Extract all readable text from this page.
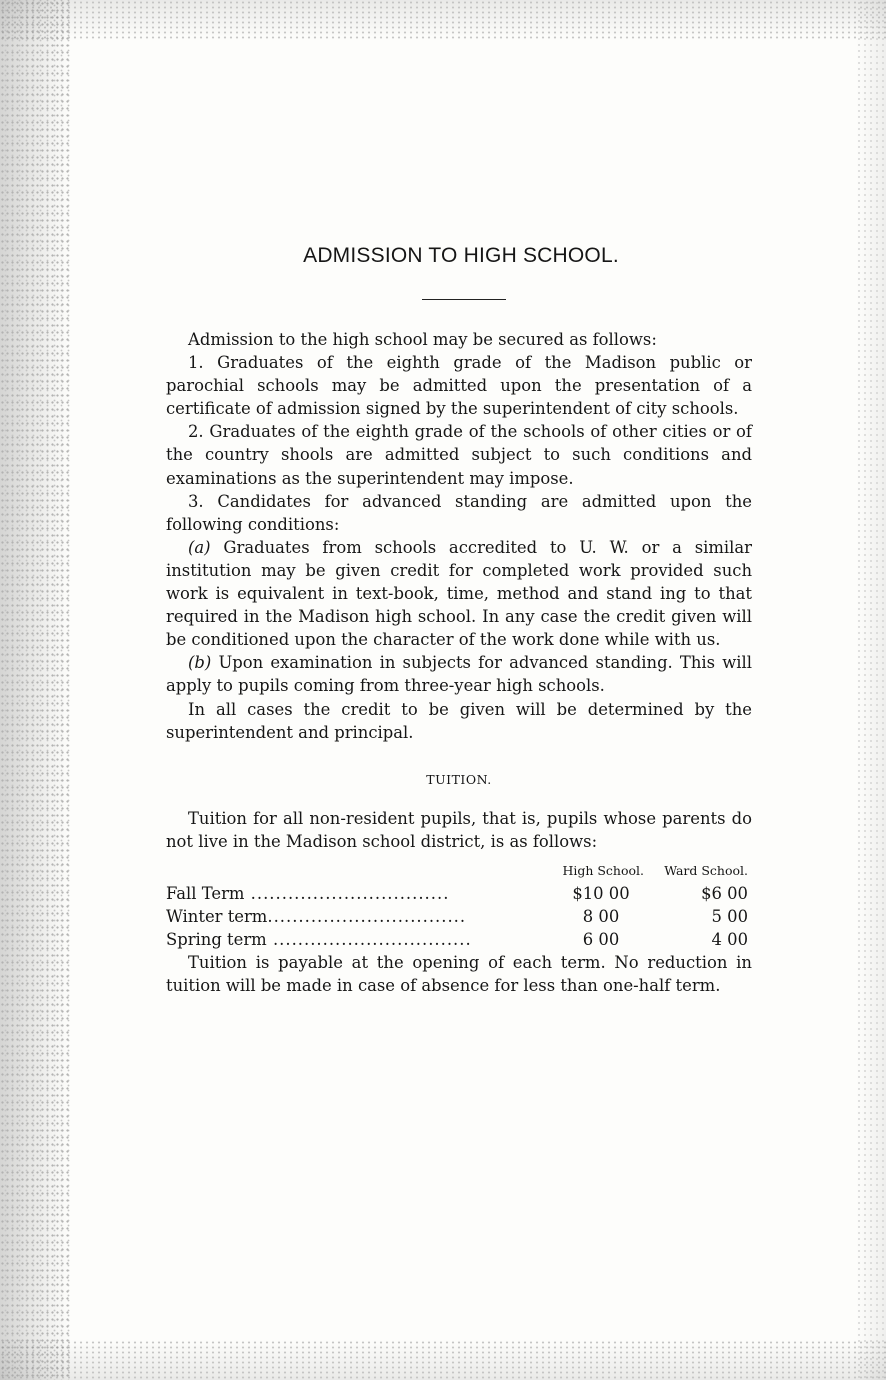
ADMISSION TO HIGH SCHOOL.

Admission to the high school may be secured as follows:

1. Graduates of the eighth grade of the Madison public or parochial schools may be admitted upon the presentation of a certificate of admission signed by the superintendent of city schools.

2. Graduates of the eighth grade of the schools of other cities or of the country shools are admitted subject to such conditions and examinations as the superintendent may impose.

3. Candidates for advanced standing are admitted upon the following conditions:

(a) Graduates from schools accredited to U. W. or a similar institution may be given credit for completed work provided such work is equivalent in text-book, time, method and stand ing to that required in the Madison high school. In any case the credit given will be conditioned upon the character of the work done while with us.

(b) Upon examination in subjects for advanced standing. This will apply to pupils coming from three-year high schools.

In all cases the credit to be given will be determined by the superintendent and principal.

TUITION.

Tuition for all non-resident pupils, that is, pupils whose parents do not live in the Madison school district, is as follows:

	High School.	Ward School.
Fall Term ................................	$10 00	$6 00
Winter term................................	8 00	5 00
Spring term ................................	6 00	4 00

Tuition is payable at the opening of each term. No reduction in tuition will be made in case of absence for less than one-half term.
